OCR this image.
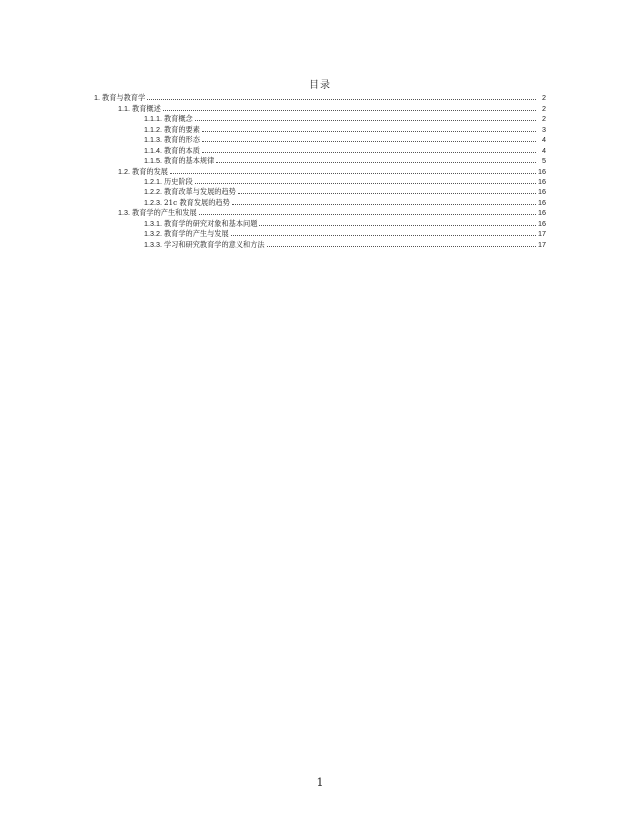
目录
1. 教育与教育学	2
1.1. 教育概述	2
1.1.1. 教育概念	2
1.1.2. 教育的要素	3
1.1.3. 教育的形态	4
1.1.4. 教育的本质	4
1.1.5. 教育的基本规律	5
1.2. 教育的发展	16
1.2.1. 历史阶段	16
1.2.2. 教育改革与发展的趋势	16
1.2.3. 21c 教育发展的趋势	16
1.3. 教育学的产生和发展	16
1.3.1. 教育学的研究对象和基本问题	16
1.3.2. 教育学的产生与发展	17
1.3.3. 学习和研究教育学的意义和方法	17
1
